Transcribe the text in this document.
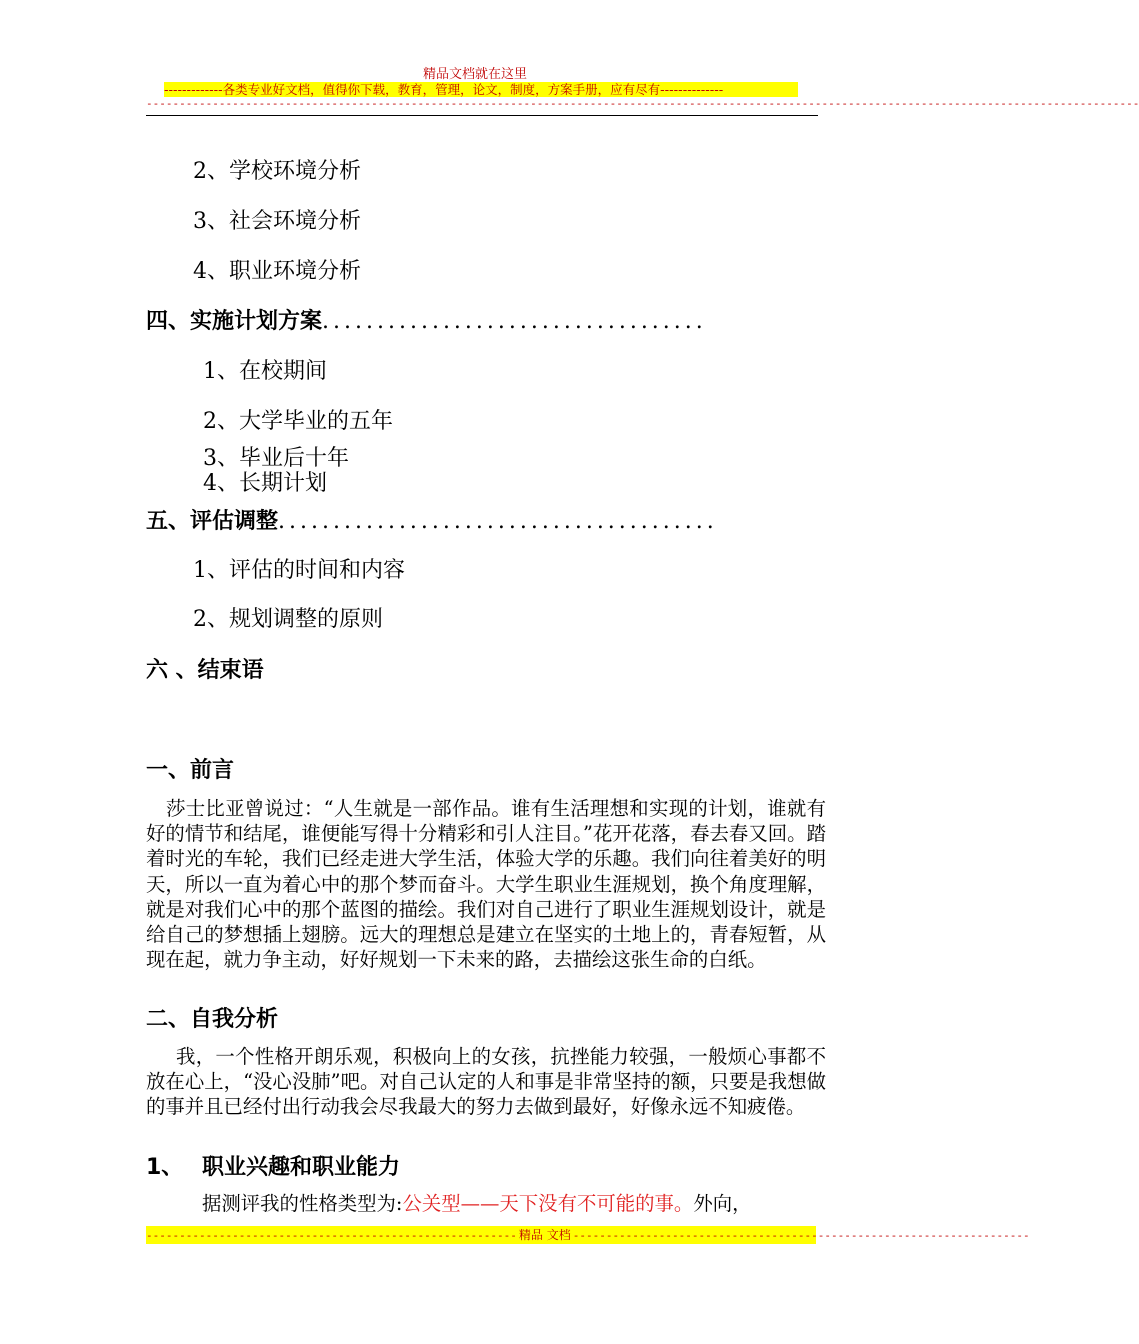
精品文档就在这里
-------------各类专业好文档，值得你下载，教育，管理，论文，制度，方案手册，应有尽有--------------
------------------------------------------------------------------------------------------------------------------------------------------------------
2、学校环境分析
3、社会环境分析
4、职业环境分析
四、实施计划方案...................................
1、在校期间
2、大学毕业的五年
3、毕业后十年
4、长期计划
五、评估调整........................................
1、评估的时间和内容
2、规划调整的原则
六 、结束语
一、前言

莎士比亚曾说过：“人生就是一部作品。谁有生活理想和实现的计划，谁就有好的情节和结尾，谁便能写得十分精彩和引人注目。”花开花落，春去春又回。踏着时光的车轮，我们已经走进大学生活，体验大学的乐趣。我们向往着美好的明天，所以一直为着心中的那个梦而奋斗。大学生职业生涯规划，换个角度理解，就是对我们心中的那个蓝图的描绘。我们对自己进行了职业生涯规划设计，就是给自己的梦想插上翅膀。远大的理想总是建立在坚实的土地上的，青春短暂，从现在起，就力争主动，好好规划一下未来的路，去描绘这张生命的白纸。

二、自我分析

我，一个性格开朗乐观，积极向上的女孩，抗挫能力较强，一般烦心事都不放在心上，“没心没肺”吧。对自己认定的人和事是非常坚持的额，只要是我想做的事并且已经付出行动我会尽我最大的努力去做到最好，好像永远不知疲倦。

1、 职业兴趣和职业能力

据测评我的性格类型为:公关型——天下没有不可能的事。外向，

-------------------------------------------------------- 精品 文档 ---------------------------------------------------------------------
